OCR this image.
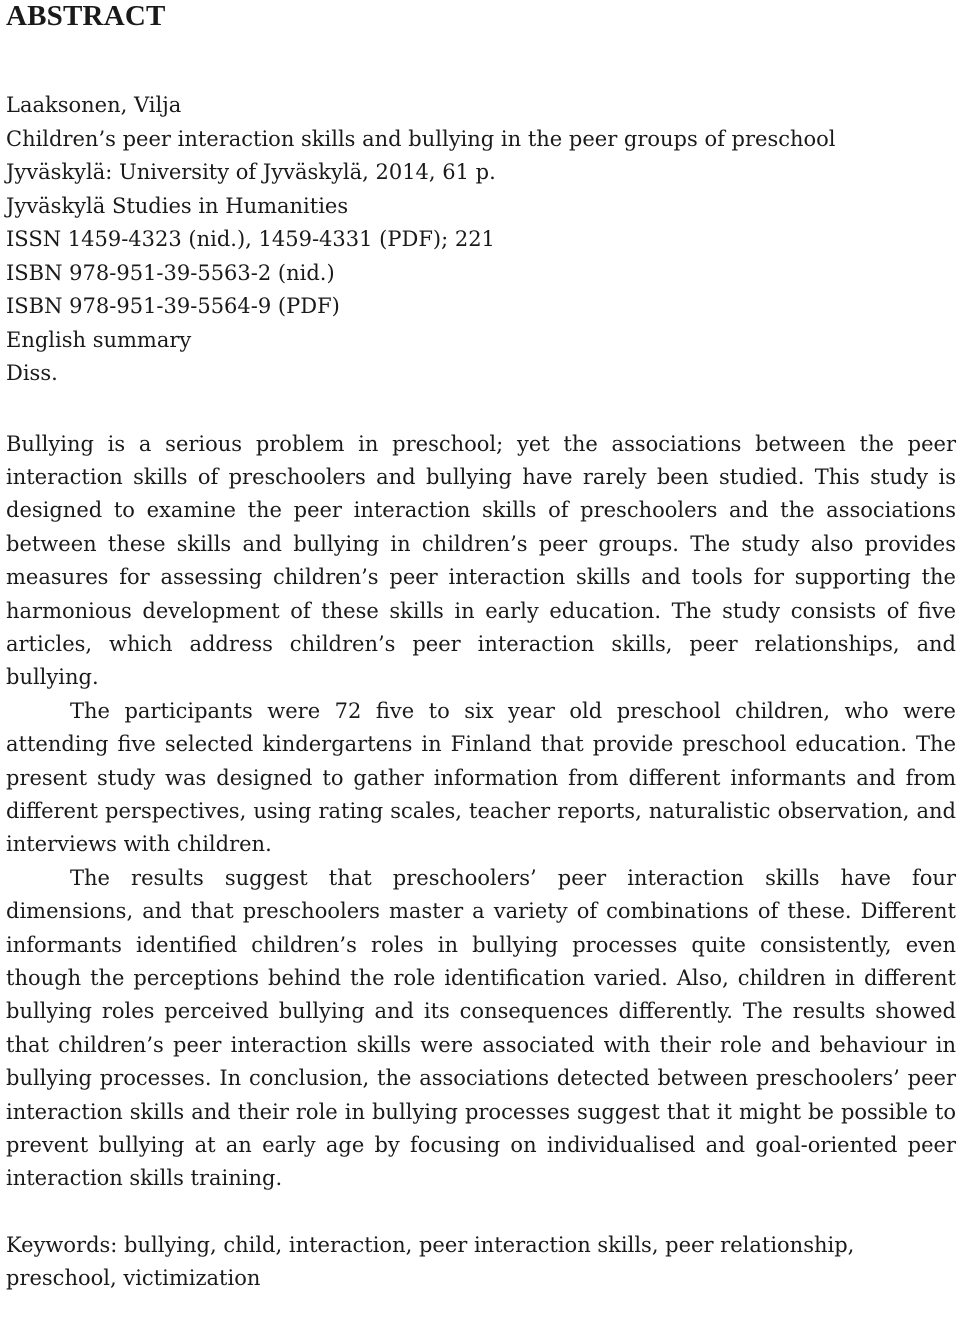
ABSTRACT
Laaksonen, Vilja
Children’s peer interaction skills and bullying in the peer groups of preschool
Jyväskylä: University of Jyväskylä, 2014, 61 p.
Jyväskylä Studies in Humanities
ISSN 1459-4323 (nid.), 1459-4331 (PDF); 221
ISBN 978-951-39-5563-2 (nid.)
ISBN 978-951-39-5564-9 (PDF)
English summary
Diss.

Bullying is a serious problem in preschool; yet the associations between the peer interaction skills of preschoolers and bullying have rarely been studied. This study is designed to examine the peer interaction skills of preschoolers and the associations between these skills and bullying in children’s peer groups. The study also provides measures for assessing children’s peer interaction skills and tools for supporting the harmonious development of these skills in early education. The study consists of five articles, which address children’s peer interaction skills, peer relationships, and bullying.

The participants were 72 five to six year old preschool children, who were attending five selected kindergartens in Finland that provide preschool education. The present study was designed to gather information from different informants and from different perspectives, using rating scales, teacher reports, naturalistic observation, and interviews with children.

The results suggest that preschoolers’ peer interaction skills have four dimensions, and that preschoolers master a variety of combinations of these. Different informants identified children’s roles in bullying processes quite consistently, even though the perceptions behind the role identification varied. Also, children in different bullying roles perceived bullying and its consequences differently. The results showed that children’s peer interaction skills were associated with their role and behaviour in bullying processes. In conclusion, the associations detected between preschoolers’ peer interaction skills and their role in bullying processes suggest that it might be possible to prevent bullying at an early age by focusing on individualised and goal-oriented peer interaction skills training.

Keywords: bullying, child, interaction, peer interaction skills, peer relationship, preschool, victimization
